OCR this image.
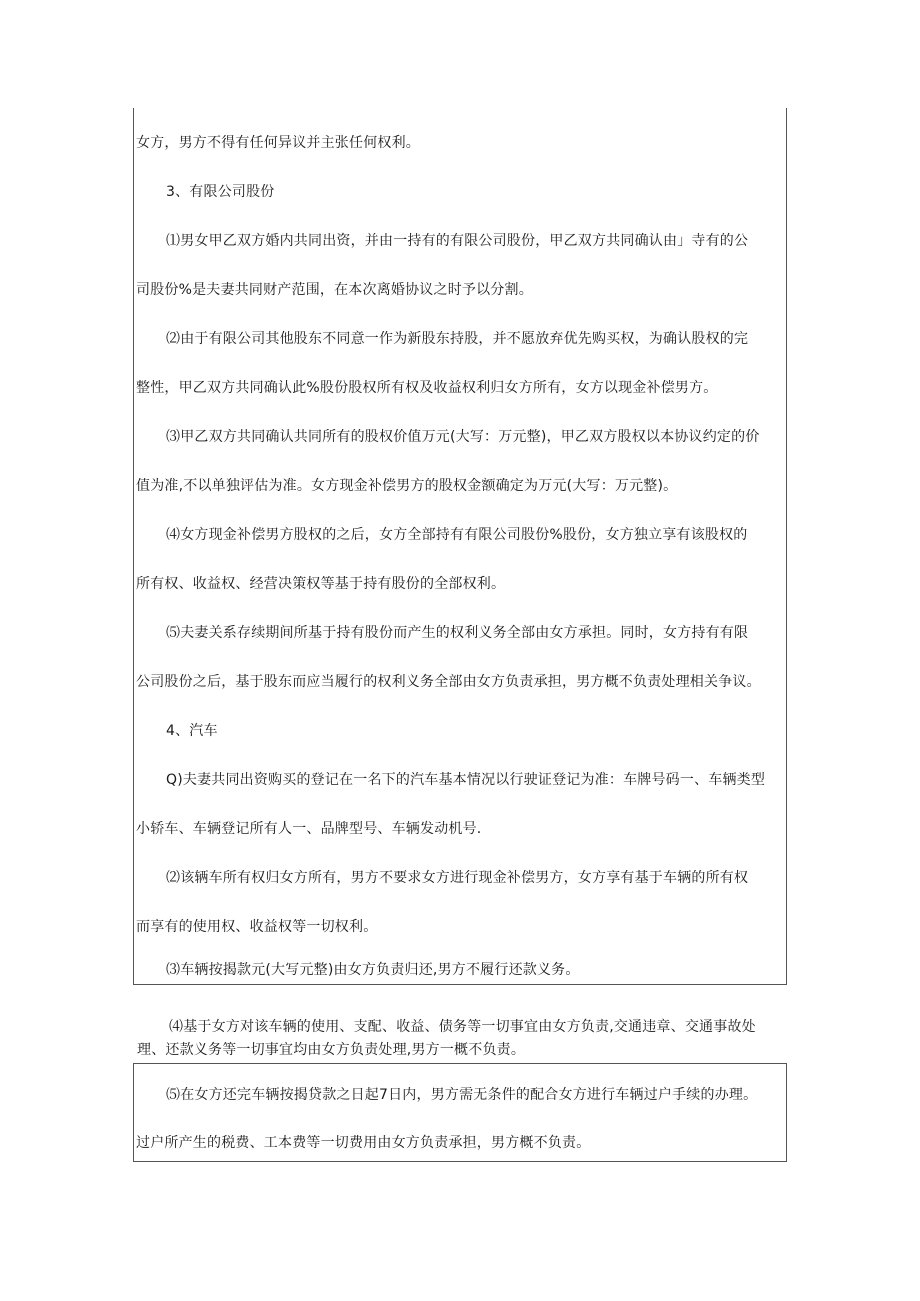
女方，男方不得有任何异议并主张任何权利。
3、有限公司股份
⑴男女甲乙双方婚内共同出资，并由一持有的有限公司股份，甲乙双方共同确认由」寺有的公
司股份%是夫妻共同财产范围，在本次离婚协议之时予以分割。
⑵由于有限公司其他股东不同意一作为新股东持股，并不愿放弃优先购买权，为确认股权的完
整性，甲乙双方共同确认此%股份股权所有权及收益权利归女方所有，女方以现金补偿男方。
⑶甲乙双方共同确认共同所有的股权价值万元(大写：万元整)，甲乙双方股权以本协议约定的价
值为准,不以单独评估为准。女方现金补偿男方的股权金额确定为万元(大写：万元整)。
⑷女方现金补偿男方股权的之后，女方全部持有有限公司股份%股份，女方独立享有该股权的
所有权、收益权、经营决策权等基于持有股份的全部权利。
⑸夫妻关系存续期间所基于持有股份而产生的权利义务全部由女方承担。同时，女方持有有限
公司股份之后，基于股东而应当履行的权利义务全部由女方负责承担，男方概不负责处理相关争议。
4、汽车
Q)夫妻共同出资购买的登记在一名下的汽车基本情况以行驶证登记为准：车牌号码一、车辆类型
小轿车、车辆登记所有人一、品牌型号、车辆发动机号.
⑵该辆车所有权归女方所有，男方不要求女方进行现金补偿男方，女方享有基于车辆的所有权
而享有的使用权、收益权等一切权利。
⑶车辆按揭款元(大写元整)由女方负责归还,男方不履行还款义务。
⑷基于女方对该车辆的使用、支配、收益、债务等一切事宜由女方负责,交通违章、交通事故处
理、还款义务等一切事宜均由女方负责处理,男方一概不负责。
⑸在女方还完车辆按揭贷款之日起7日内，男方需无条件的配合女方进行车辆过户手续的办理。
过户所产生的税费、工本费等一切费用由女方负责承担，男方概不负责。
